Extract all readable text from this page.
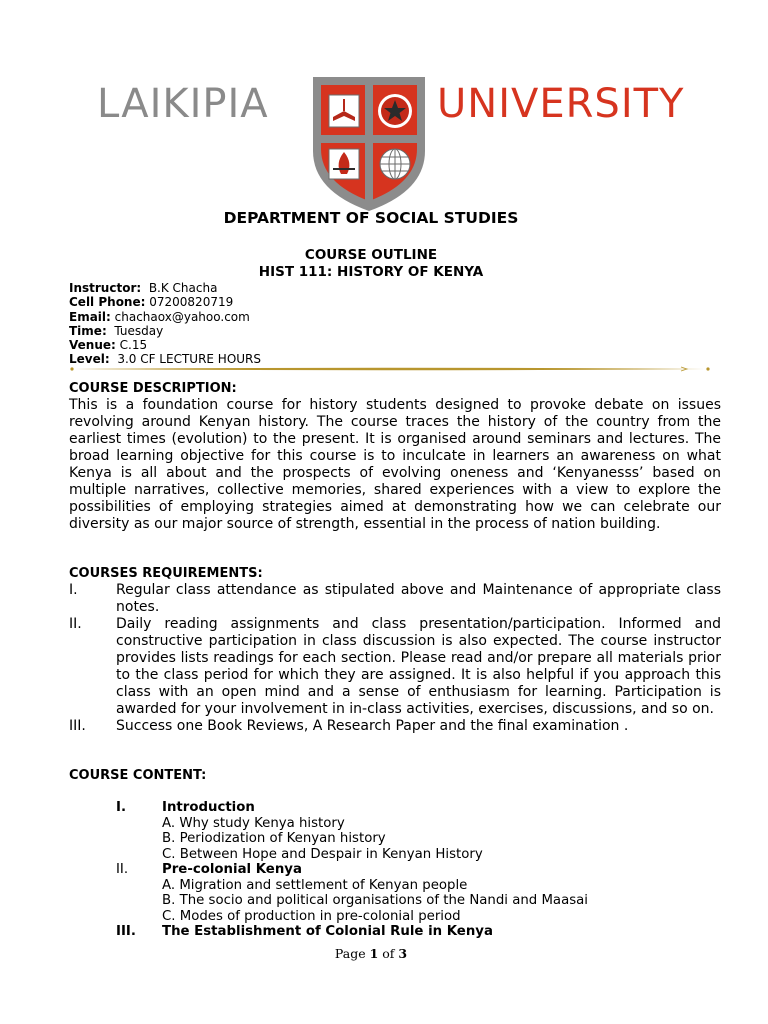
LAIKIPIA	UNIVERSITY
DEPARTMENT OF SOCIAL STUDIES
COURSE OUTLINE
HIST 111: HISTORY OF KENYA
Instructor: B.K Chacha
Cell Phone: 07200820719
Email: chachaox@yahoo.com
Time: Tuesday
Venue: C.15
Level: 3.0 CF LECTURE HOURS
COURSE DESCRIPTION:
This is a foundation course for history students designed to provoke debate on issues revolving around Kenyan history. The course traces the history of the country from the earliest times (evolution) to the present. It is organised around seminars and lectures. The broad learning objective for this course is to inculcate in learners an awareness on what Kenya is all about and the prospects of evolving oneness and ‘Kenyanesss’ based on multiple narratives, collective memories, shared experiences with a view to explore the possibilities of employing strategies aimed at demonstrating how we can celebrate our diversity as our major source of strength, essential in the process of nation building.
COURSES REQUIREMENTS:
I.	Regular class attendance as stipulated above and Maintenance of appropriate class notes.
II. Daily reading assignments and class presentation/participation. Informed and constructive participation in class discussion is also expected. The course instructor provides lists readings for each section. Please read and/or prepare all materials prior to the class period for which they are assigned. It is also helpful if you approach this class with an open mind and a sense of enthusiasm for learning. Participation is awarded for your involvement in in-class activities, exercises, discussions, and so on.
III. Success one Book Reviews, A Research Paper and the final examination .
COURSE CONTENT:
I.	Introduction
A. Why study Kenya history
B. Periodization of Kenyan history
C. Between Hope and Despair in Kenyan History
II.	Pre-colonial Kenya
A. Migration and settlement of Kenyan people
B. The socio and political organisations of the Nandi and Maasai
C. Modes of production in pre-colonial period
III. The Establishment of Colonial Rule in Kenya
Page 1 of 3
